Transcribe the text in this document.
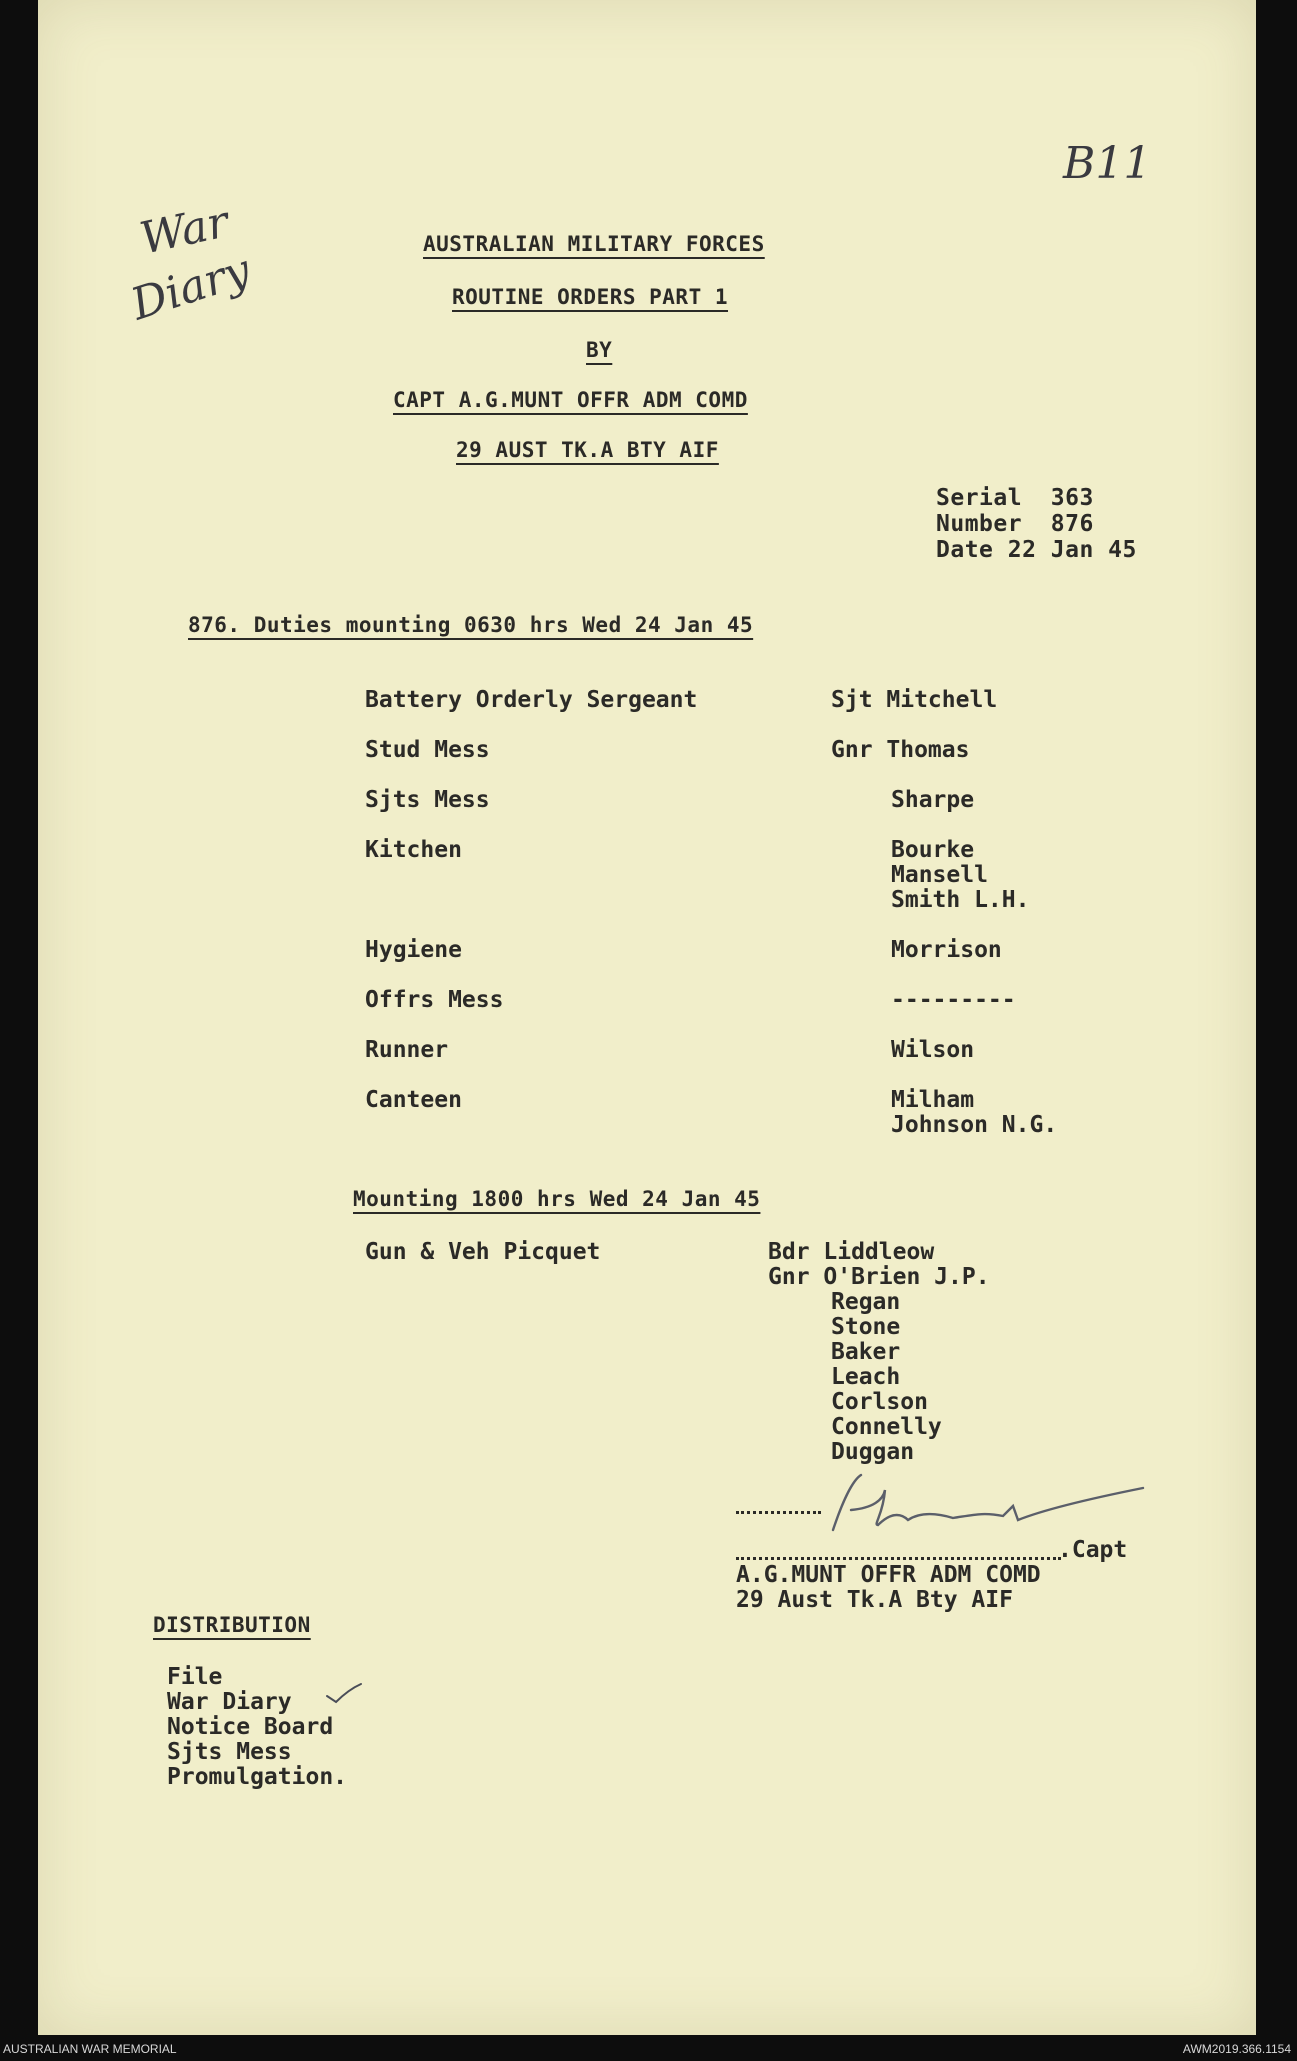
B11
War
Diary
AUSTRALIAN MILITARY FORCES
ROUTINE ORDERS PART 1
BY
CAPT A.G.MUNT OFFR ADM COMD
29 AUST TK.A BTY AIF
Serial  363
Number  876
Date 22 Jan 45
876. Duties mounting 0630 hrs Wed 24 Jan 45
Battery Orderly Sergeant	Sjt Mitchell
Stud Mess	Gnr Thomas
Sjts Mess	Sharpe
Kitchen	Bourke
Mansell
Smith L.H.
Hygiene	Morrison
Offrs Mess	---------
Runner	Wilson
Canteen	Milham
Johnson N.G.
Mounting 1800 hrs Wed 24 Jan 45
Gun & Veh Picquet	Bdr Liddleow
Gnr O'Brien J.P.
Regan
Stone
Baker
Leach
Corlson
Connelly
Duggan
.Capt
A.G.MUNT OFFR ADM COMD
29 Aust Tk.A Bty AIF
DISTRIBUTION
File
War Diary
Notice Board
Sjts Mess
Promulgation.
AUSTRALIAN WAR MEMORIAL	AWM2019.366.1154
